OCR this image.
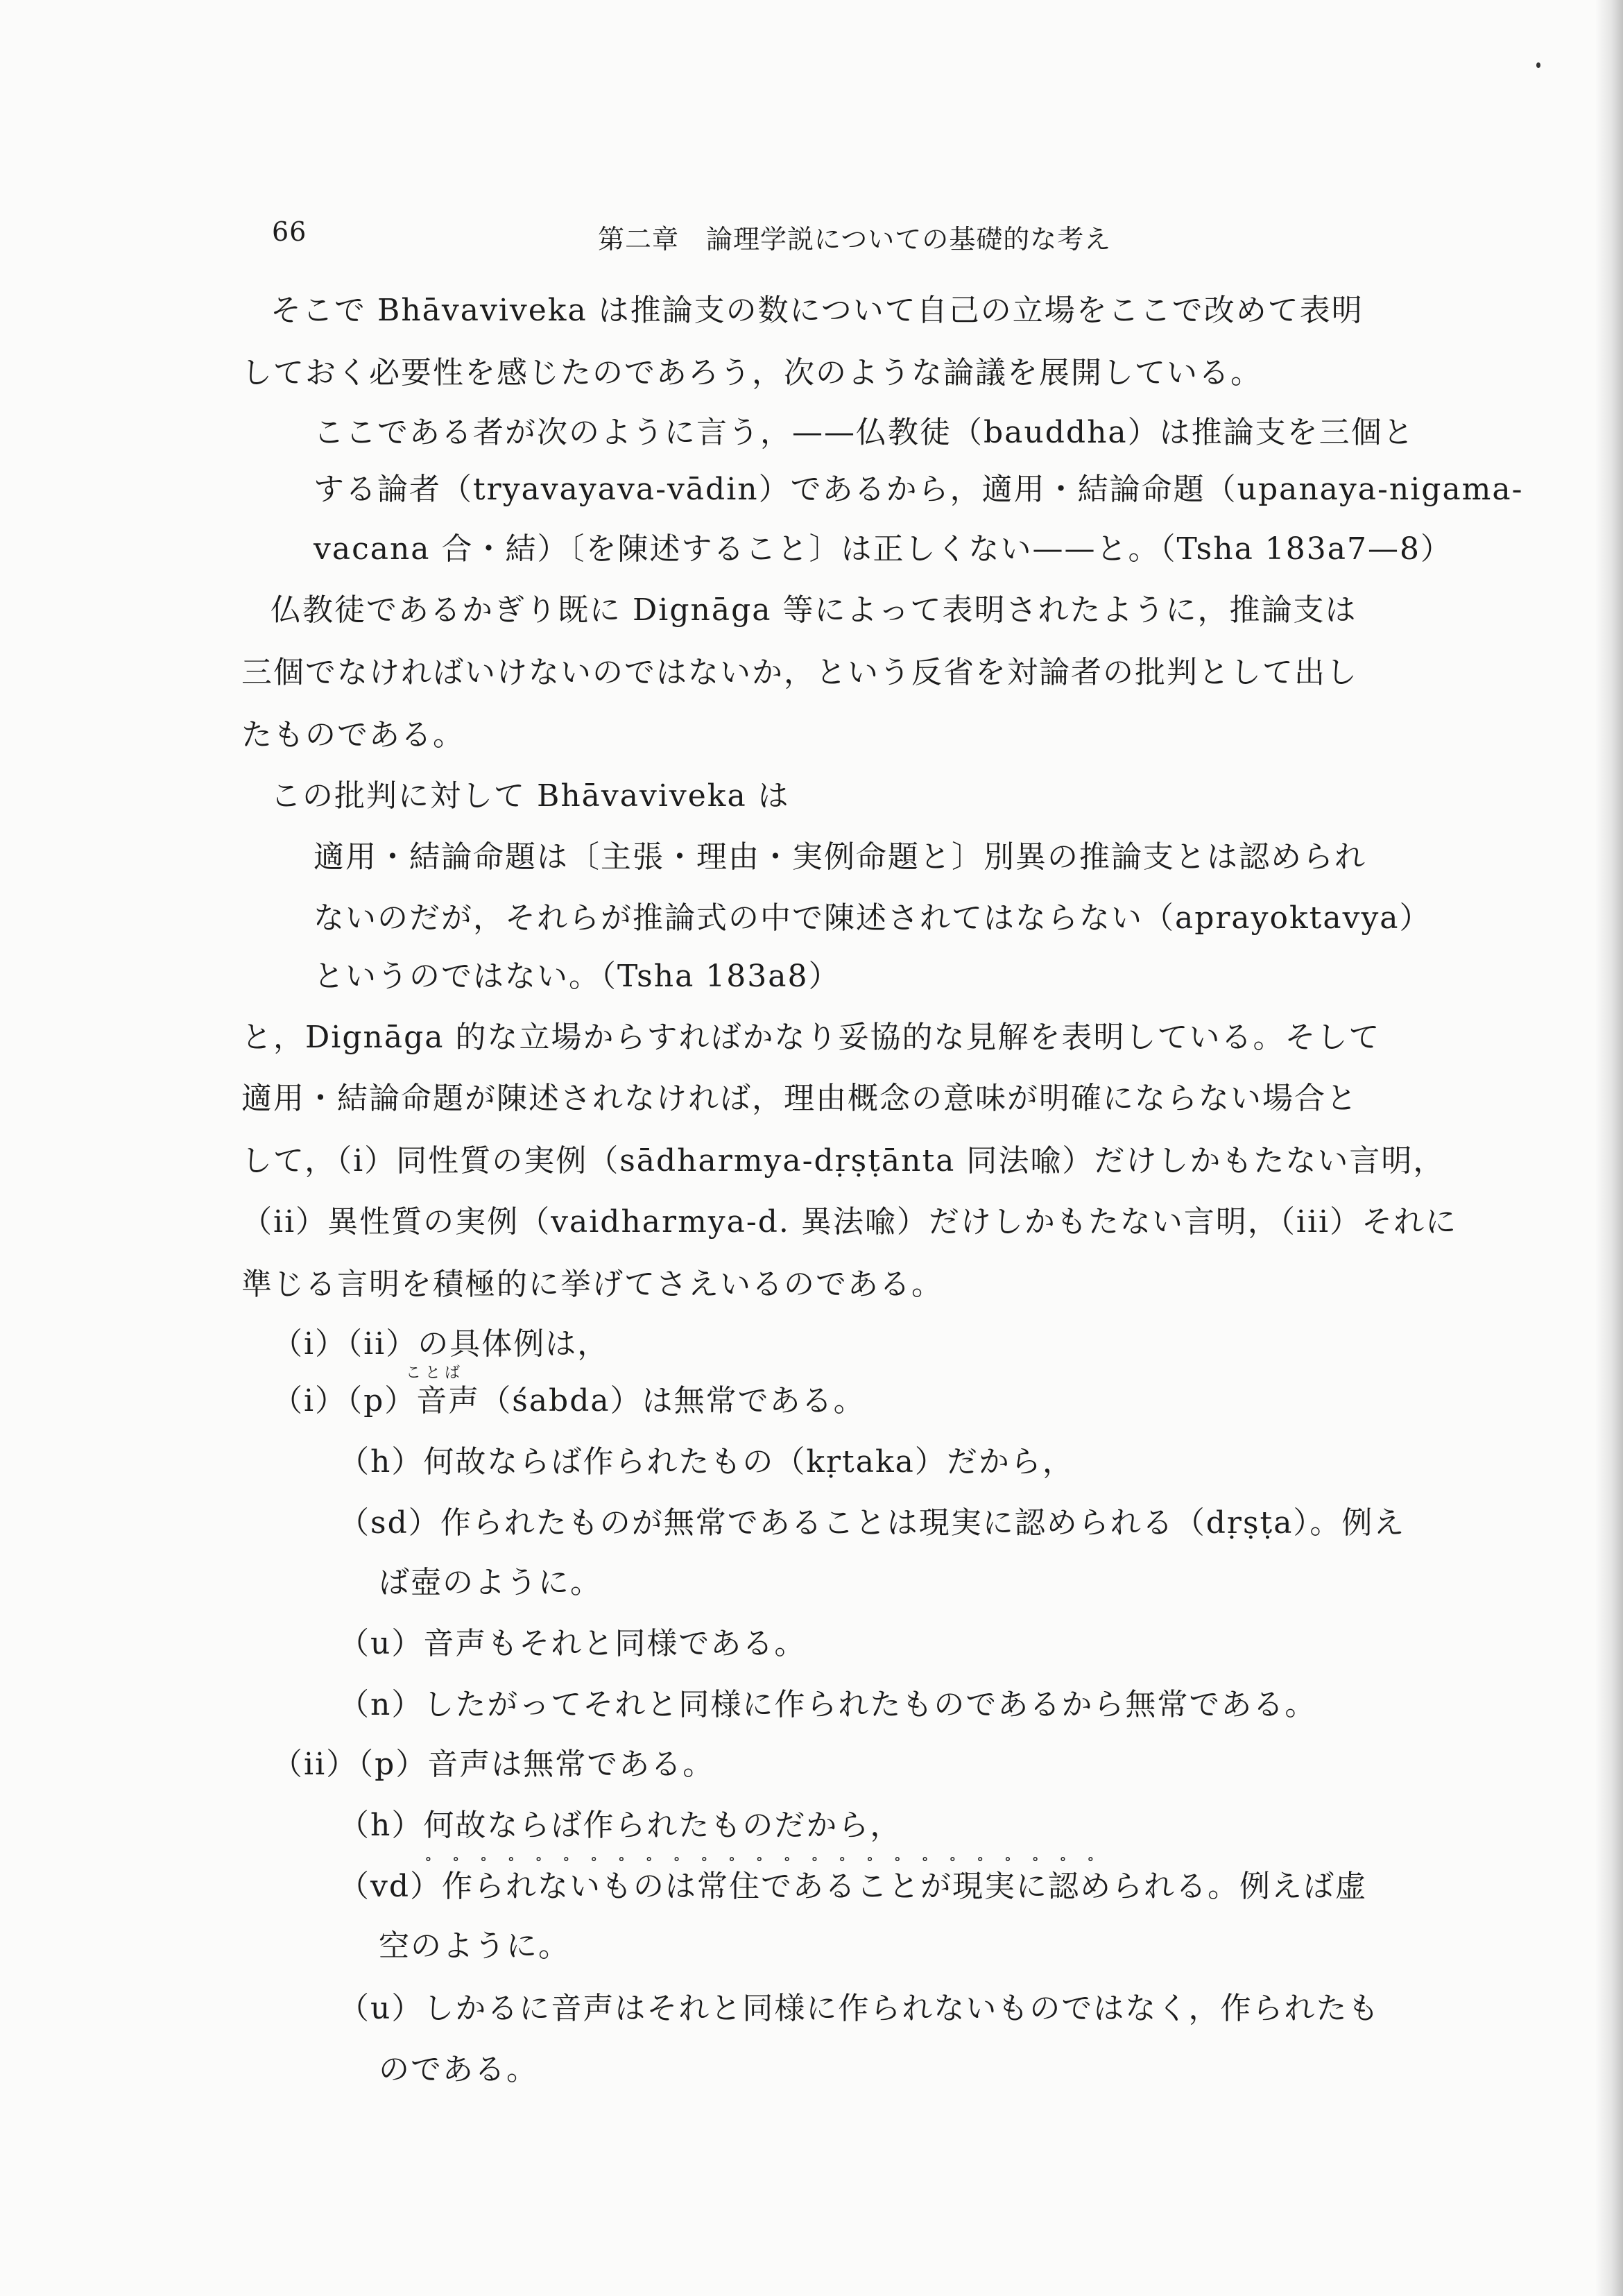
66	第二章　論理学説についての基礎的な考え
そこで Bhāvaviveka は推論支の数について自己の立場をここで改めて表明
しておく必要性を感じたのであろう，次のような論議を展開している。
ここである者が次のように言う，——仏教徒（bauddha）は推論支を三個と
する論者（tryavayava-vādin）であるから，適用・結論命題（upanaya-nigama-
vacana 合・結）〔を陳述すること〕は正しくない——と。（Tsha 183a7—8）
仏教徒であるかぎり既に Dignāga 等によって表明されたように，推論支は
三個でなければいけないのではないか，という反省を対論者の批判として出し
たものである。
この批判に対して Bhāvaviveka は
適用・結論命題は〔主張・理由・実例命題と〕別異の推論支とは認められ
ないのだが，それらが推論式の中で陳述されてはならない（aprayoktavya）
というのではない。（Tsha 183a8）
と，Dignāga 的な立場からすればかなり妥協的な見解を表明している。そして
適用・結論命題が陳述されなければ，理由概念の意味が明確にならない場合と
して，（i）同性質の実例（sādharmya-dṛṣṭānta 同法喩）だけしかもたない言明，
（ii）異性質の実例（vaidharmya-d. 異法喩）だけしかもたない言明，（iii）それに
準じる言明を積極的に挙げてさえいるのである。
（i）（ii）の具体例は，
ことば
（i）（p）音声（śabda）は無常である。
（h）何故ならば作られたもの（kṛtaka）だから，
（sd）作られたものが無常であることは現実に認められる（dṛṣṭa）。例え
ば壺のように。
（u）音声もそれと同様である。
（n）したがってそれと同様に作られたものであるから無常である。
（ii）（p）音声は無常である。
（h）何故ならば作られたものだから，
∘∘∘∘∘∘∘∘∘∘∘∘∘∘∘∘∘∘∘∘∘∘∘∘∘
（vd）作られないものは常住であることが現実に認められる。例えば虚
空のように。
（u）しかるに音声はそれと同様に作られないものではなく，作られたも
のである。
